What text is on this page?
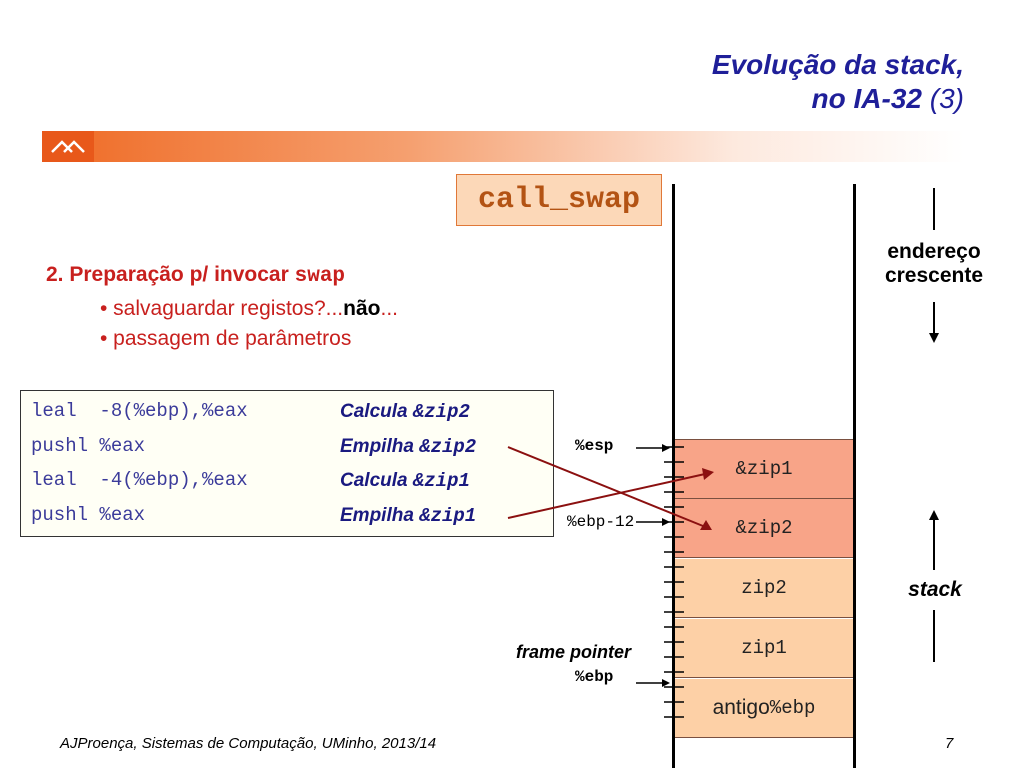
Evolução da stack,
no IA-32 (3)
call_swap
2. Preparação p/ invocar swap
• salvaguardar registos?...não...
• passagem de parâmetros
leal  -8(%ebp),%eax
pushl %eax
leal  -4(%ebp),%eax
pushl %eax
Calcula &zip2
Empilha &zip2
Calcula &zip1
Empilha &zip1
&zip1
&zip2
zip2
zip1
antigo %ebp
%esp
%ebp-12
frame pointer
%ebp
endereço
crescente
stack
AJProença, Sistemas de Computação, UMinho, 2013/14	7
